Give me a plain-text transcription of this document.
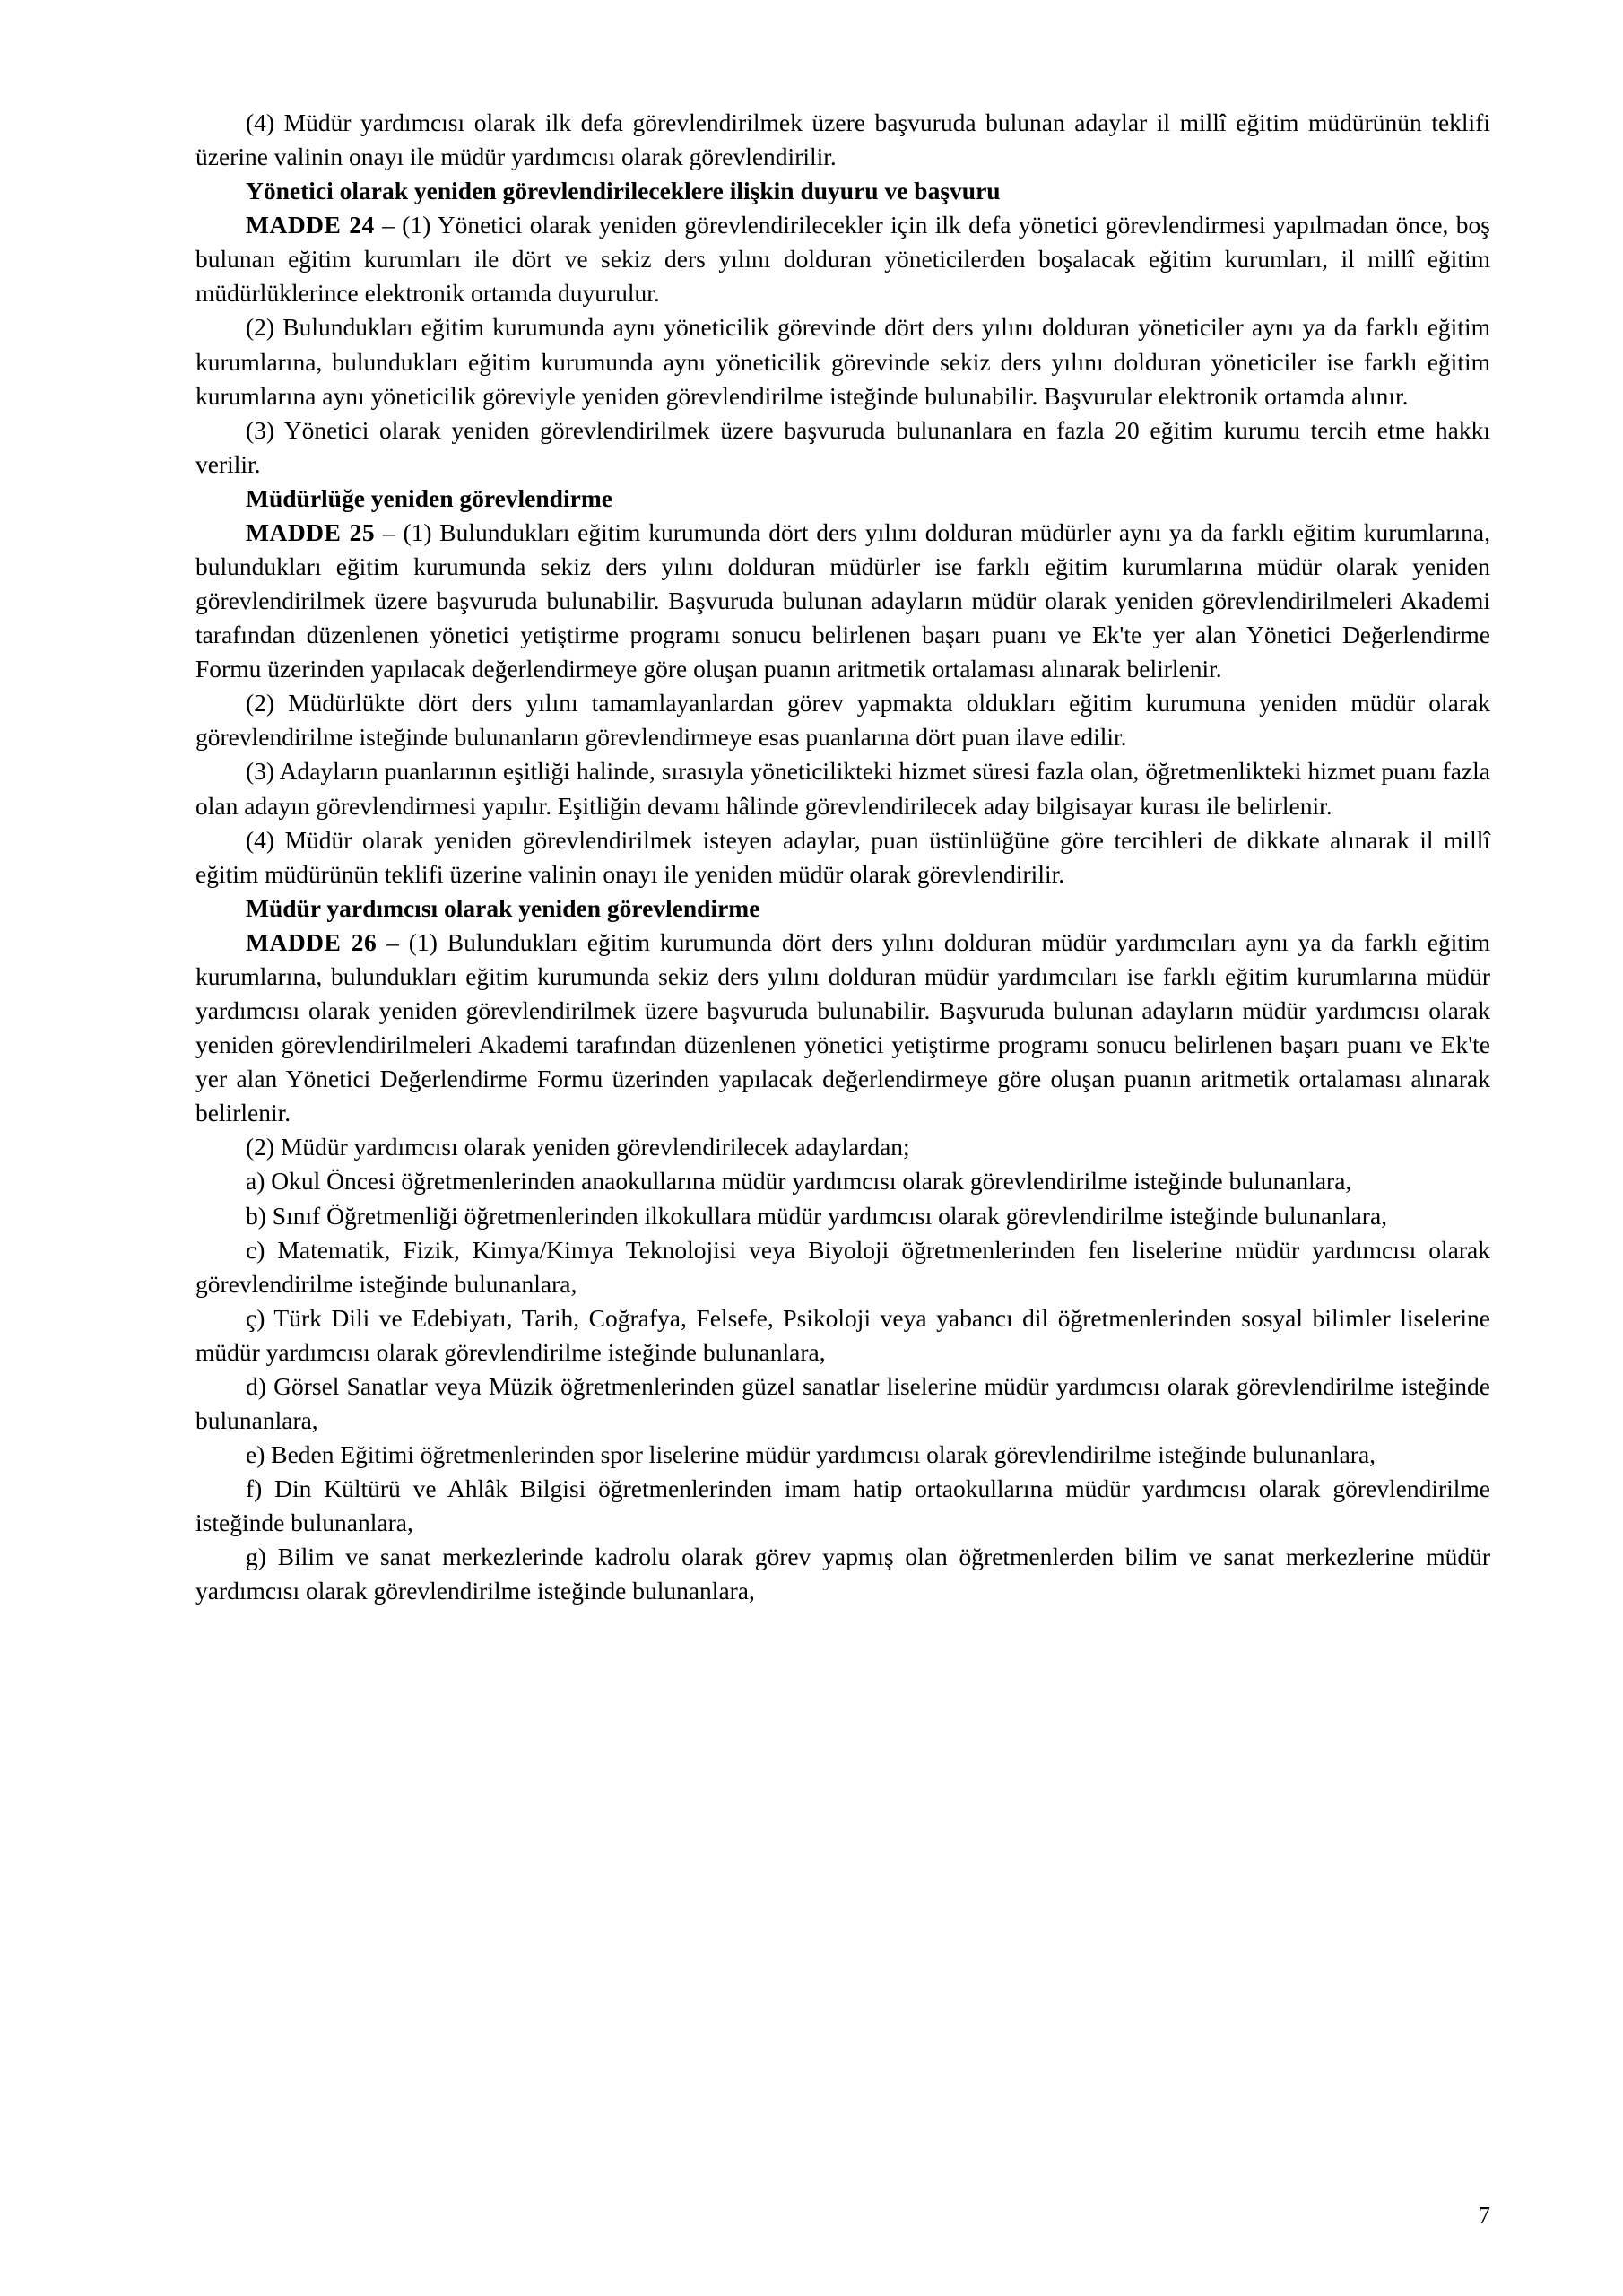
(4) Müdür yardımcısı olarak ilk defa görevlendirilmek üzere başvuruda bulunan adaylar il millî eğitim müdürünün teklifi üzerine valinin onayı ile müdür yardımcısı olarak görevlendirilir.

Yönetici olarak yeniden görevlendirileceklere ilişkin duyuru ve başvuru

MADDE 24 – (1) Yönetici olarak yeniden görevlendirilecekler için ilk defa yönetici görevlendirmesi yapılmadan önce, boş bulunan eğitim kurumları ile dört ve sekiz ders yılını dolduran yöneticilerden boşalacak eğitim kurumları, il millî eğitim müdürlüklerince elektronik ortamda duyurulur.

(2) Bulundukları eğitim kurumunda aynı yöneticilik görevinde dört ders yılını dolduran yöneticiler aynı ya da farklı eğitim kurumlarına, bulundukları eğitim kurumunda aynı yöneticilik görevinde sekiz ders yılını dolduran yöneticiler ise farklı eğitim kurumlarına aynı yöneticilik göreviyle yeniden görevlendirilme isteğinde bulunabilir. Başvurular elektronik ortamda alınır.

(3) Yönetici olarak yeniden görevlendirilmek üzere başvuruda bulunanlara en fazla 20 eğitim kurumu tercih etme hakkı verilir.

Müdürlüğe yeniden görevlendirme

MADDE 25 – (1) Bulundukları eğitim kurumunda dört ders yılını dolduran müdürler aynı ya da farklı eğitim kurumlarına, bulundukları eğitim kurumunda sekiz ders yılını dolduran müdürler ise farklı eğitim kurumlarına müdür olarak yeniden görevlendirilmek üzere başvuruda bulunabilir. Başvuruda bulunan adayların müdür olarak yeniden görevlendirilmeleri Akademi tarafından düzenlenen yönetici yetiştirme programı sonucu belirlenen başarı puanı ve Ek'te yer alan Yönetici Değerlendirme Formu üzerinden yapılacak değerlendirmeye göre oluşan puanın aritmetik ortalaması alınarak belirlenir.

(2) Müdürlükte dört ders yılını tamamlayanlardan görev yapmakta oldukları eğitim kurumuna yeniden müdür olarak görevlendirilme isteğinde bulunanların görevlendirmeye esas puanlarına dört puan ilave edilir.

(3) Adayların puanlarının eşitliği halinde, sırasıyla yöneticilikteki hizmet süresi fazla olan, öğretmenlikteki hizmet puanı fazla olan adayın görevlendirmesi yapılır. Eşitliğin devamı hâlinde görevlendirilecek aday bilgisayar kurası ile belirlenir.

(4) Müdür olarak yeniden görevlendirilmek isteyen adaylar, puan üstünlüğüne göre tercihleri de dikkate alınarak il millî eğitim müdürünün teklifi üzerine valinin onayı ile yeniden müdür olarak görevlendirilir.

Müdür yardımcısı olarak yeniden görevlendirme

MADDE 26 – (1) Bulundukları eğitim kurumunda dört ders yılını dolduran müdür yardımcıları aynı ya da farklı eğitim kurumlarına, bulundukları eğitim kurumunda sekiz ders yılını dolduran müdür yardımcıları ise farklı eğitim kurumlarına müdür yardımcısı olarak yeniden görevlendirilmek üzere başvuruda bulunabilir. Başvuruda bulunan adayların müdür yardımcısı olarak yeniden görevlendirilmeleri Akademi tarafından düzenlenen yönetici yetiştirme programı sonucu belirlenen başarı puanı ve Ek'te yer alan Yönetici Değerlendirme Formu üzerinden yapılacak değerlendirmeye göre oluşan puanın aritmetik ortalaması alınarak belirlenir.

(2) Müdür yardımcısı olarak yeniden görevlendirilecek adaylardan;

a) Okul Öncesi öğretmenlerinden anaokullarına müdür yardımcısı olarak görevlendirilme isteğinde bulunanlara,

b) Sınıf Öğretmenliği öğretmenlerinden ilkokullara müdür yardımcısı olarak görevlendirilme isteğinde bulunanlara,

c) Matematik, Fizik, Kimya/Kimya Teknolojisi veya Biyoloji öğretmenlerinden fen liselerine müdür yardımcısı olarak görevlendirilme isteğinde bulunanlara,

ç) Türk Dili ve Edebiyatı, Tarih, Coğrafya, Felsefe, Psikoloji veya yabancı dil öğretmenlerinden sosyal bilimler liselerine müdür yardımcısı olarak görevlendirilme isteğinde bulunanlara,

d) Görsel Sanatlar veya Müzik öğretmenlerinden güzel sanatlar liselerine müdür yardımcısı olarak görevlendirilme isteğinde bulunanlara,

e) Beden Eğitimi öğretmenlerinden spor liselerine müdür yardımcısı olarak görevlendirilme isteğinde bulunanlara,

f) Din Kültürü ve Ahlâk Bilgisi öğretmenlerinden imam hatip ortaokullarına müdür yardımcısı olarak görevlendirilme isteğinde bulunanlara,

g) Bilim ve sanat merkezlerinde kadrolu olarak görev yapmış olan öğretmenlerden bilim ve sanat merkezlerine müdür yardımcısı olarak görevlendirilme isteğinde bulunanlara,

7
